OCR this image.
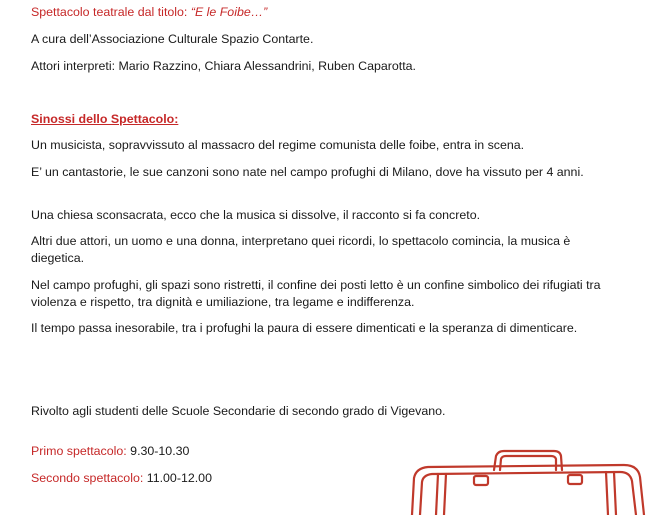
Spettacolo teatrale dal titolo: “E le Foibe…”
A cura dell’Associazione Culturale Spazio Contarte.
Attori interpreti: Mario Razzino, Chiara Alessandrini, Ruben Caparotta.
Sinossi dello Spettacolo:
Un musicista, sopravvissuto al massacro del regime comunista delle foibe, entra in scena.
E’ un cantastorie, le sue canzoni sono nate nel campo profughi di Milano, dove ha vissuto per 4 anni.
Una chiesa sconsacrata, ecco che la musica si dissolve, il racconto si fa concreto.
Altri due attori, un uomo e una donna, interpretano quei ricordi, lo spettacolo comincia, la musica è diegetica.
Nel campo profughi, gli spazi sono ristretti, il confine dei posti letto è un confine simbolico dei rifugiati tra violenza e rispetto, tra dignità e umiliazione, tra legame e indifferenza.
Il tempo passa inesorabile, tra i profughi la paura di essere dimenticati e la speranza di dimenticare.
Rivolto agli studenti delle Scuole Secondarie di secondo grado di Vigevano.
Primo spettacolo: 9.30-10.30
Secondo spettacolo: 11.00-12.00
